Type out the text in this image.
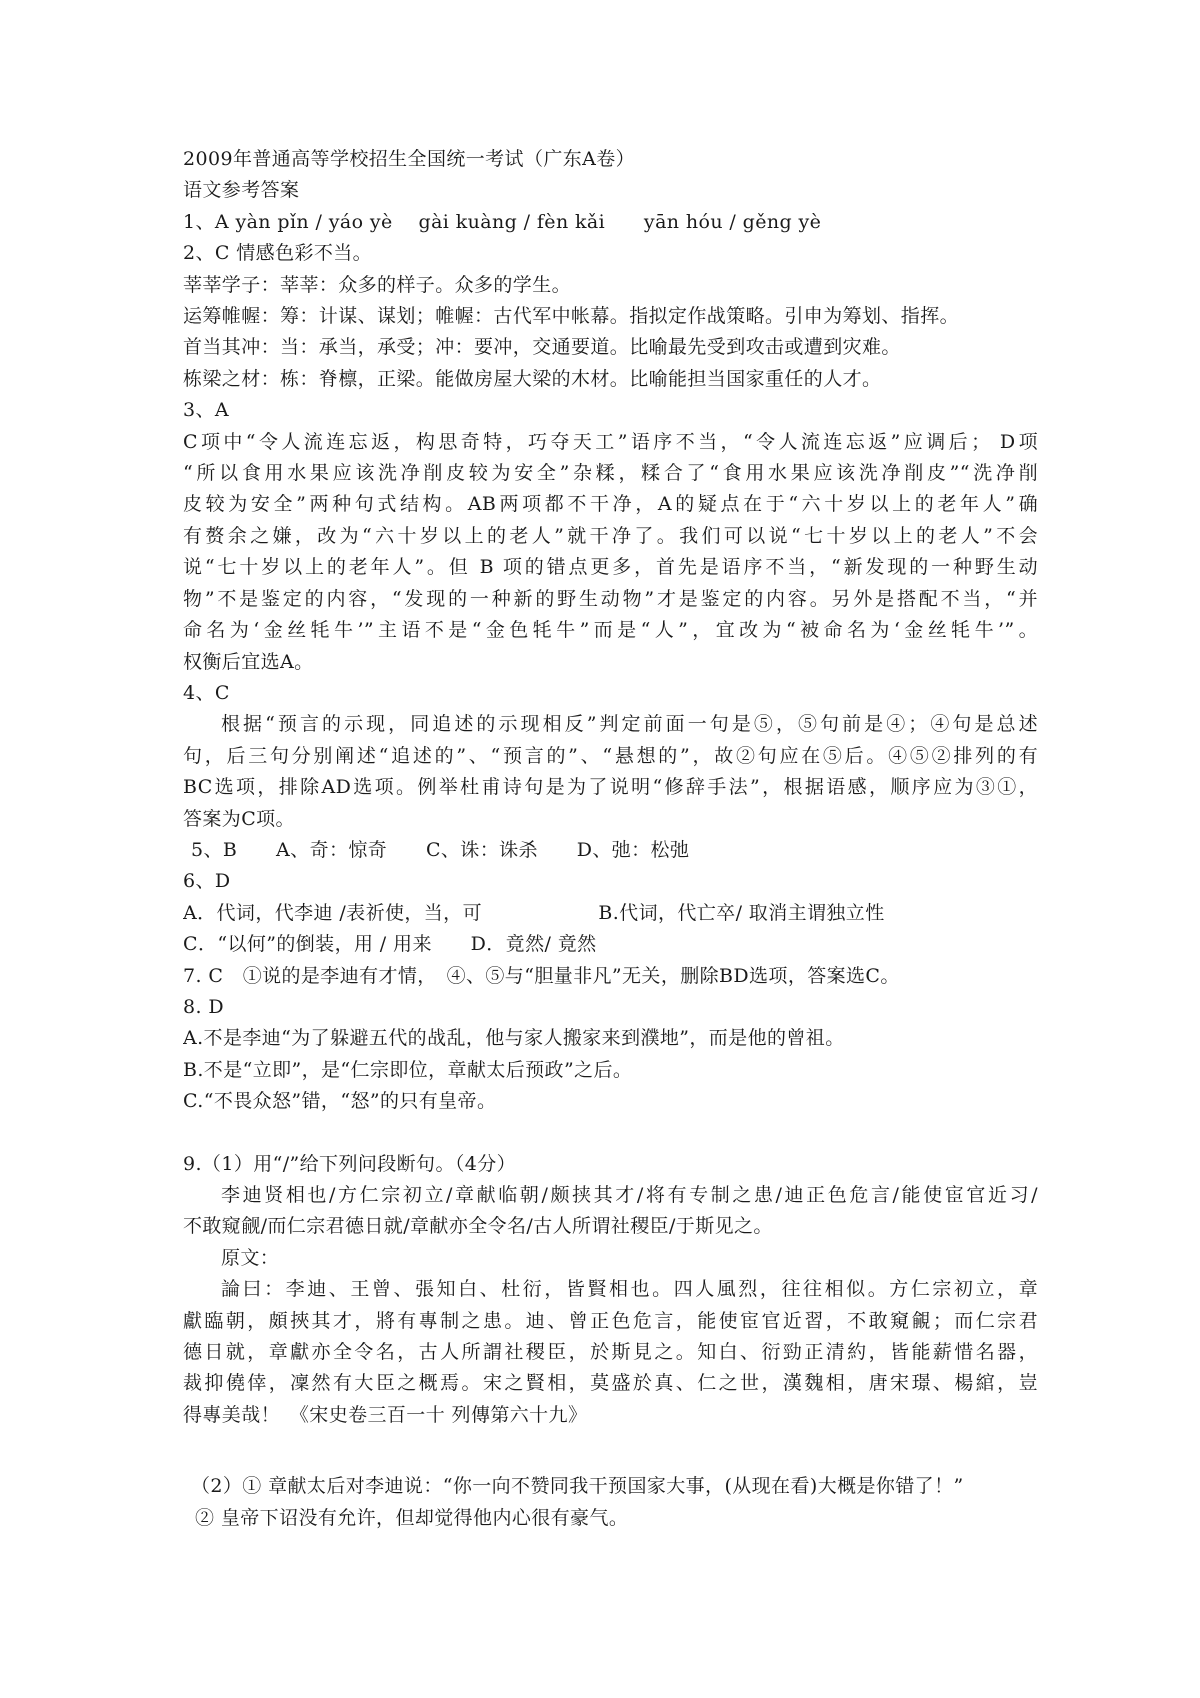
2009年普通高等学校招生全国统一考试（广东A卷）
语文参考答案
1、A yàn pǐn / yáo yè　 gài kuàng / fèn kǎi　　yān hóu / gěng yè
2、C 情感色彩不当。
莘莘学子：莘莘：众多的样子。众多的学生。
运筹帷幄：筹：计谋、谋划；帷幄：古代军中帐幕。指拟定作战策略。引申为筹划、指挥。
首当其冲：当：承当，承受；冲：要冲，交通要道。比喻最先受到攻击或遭到灾难。
栋梁之材：栋：脊檩，正梁。能做房屋大梁的木材。比喻能担当国家重任的人才。
3、A
C项中“令人流连忘返，构思奇特，巧夺天工”语序不当，“令人流连忘返”应调后； D项
“所以食用水果应该洗净削皮较为安全”杂糅，糅合了“食用水果应该洗净削皮”“洗净削
皮较为安全”两种句式结构。AB两项都不干净，A的疑点在于“六十岁以上的老年人”确
有赘余之嫌，改为“六十岁以上的老人”就干净了。我们可以说“七十岁以上的老人”不会
说“七十岁以上的老年人”。但 B 项的错点更多，首先是语序不当，“新发现的一种野生动
物”不是鉴定的内容，“发现的一种新的野生动物”才是鉴定的内容。另外是搭配不当，“并
命名为‘金丝牦牛’”主语不是“金色牦牛”而是“人”，宜改为“被命名为‘金丝牦牛’”。
权衡后宜选A。
4、C
根据“预言的示现，同追述的示现相反”判定前面一句是⑤，⑤句前是④；④句是总述
句，后三句分别阐述“追述的”、“预言的”、“悬想的”，故②句应在⑤后。④⑤②排列的有
BC选项，排除AD选项。例举杜甫诗句是为了说明“修辞手法”，根据语感，顺序应为③①，
答案为C项。
5、B　　A、奇：惊奇　　C、诛：诛杀　　D、弛：松弛
6、D
A．代词，代李迪 /表祈使，当，可　　　　　　B.代词，代亡卒/ 取消主谓独立性
C．“以何”的倒装，用 / 用来　　D．竟然/ 竟然
7. C　①说的是李迪有才情，　④、⑤与“胆量非凡”无关，删除BD选项，答案选C。
8. D
A.不是李迪“为了躲避五代的战乱，他与家人搬家来到濮地”，而是他的曾祖。
B.不是“立即”，是“仁宗即位，章献太后预政”之后。
C.“不畏众怒”错，“怒”的只有皇帝。
9.（1）用“/”给下列问段断句。（4分）
李迪贤相也/方仁宗初立/章献临朝/颇挟其才/将有专制之患/迪正色危言/能使宦官近习/
不敢窥觎/而仁宗君德日就/章献亦全令名/古人所谓社稷臣/于斯见之。
原文：
論曰：李迪、王曾、張知白、杜衍，皆賢相也。四人風烈，往往相似。方仁宗初立，章
獻臨朝，頗挾其才，將有專制之患。迪、曾正色危言，能使宦官近習，不敢窺覦；而仁宗君
德日就，章獻亦全令名，古人所謂社稷臣，於斯見之。知白、衍勁正清約，皆能薪惜名器，
裁抑僥倖，凜然有大臣之概焉。宋之賢相，莫盛於真、仁之世，漢魏相，唐宋璟、楊綰，豈
得專美哉！　《宋史卷三百一十 列傳第六十九》
（2）① 章献太后对李迪说：“你一向不赞同我干预国家大事，(从现在看)大概是你错了！”
② 皇帝下诏没有允许，但却觉得他内心很有豪气。
